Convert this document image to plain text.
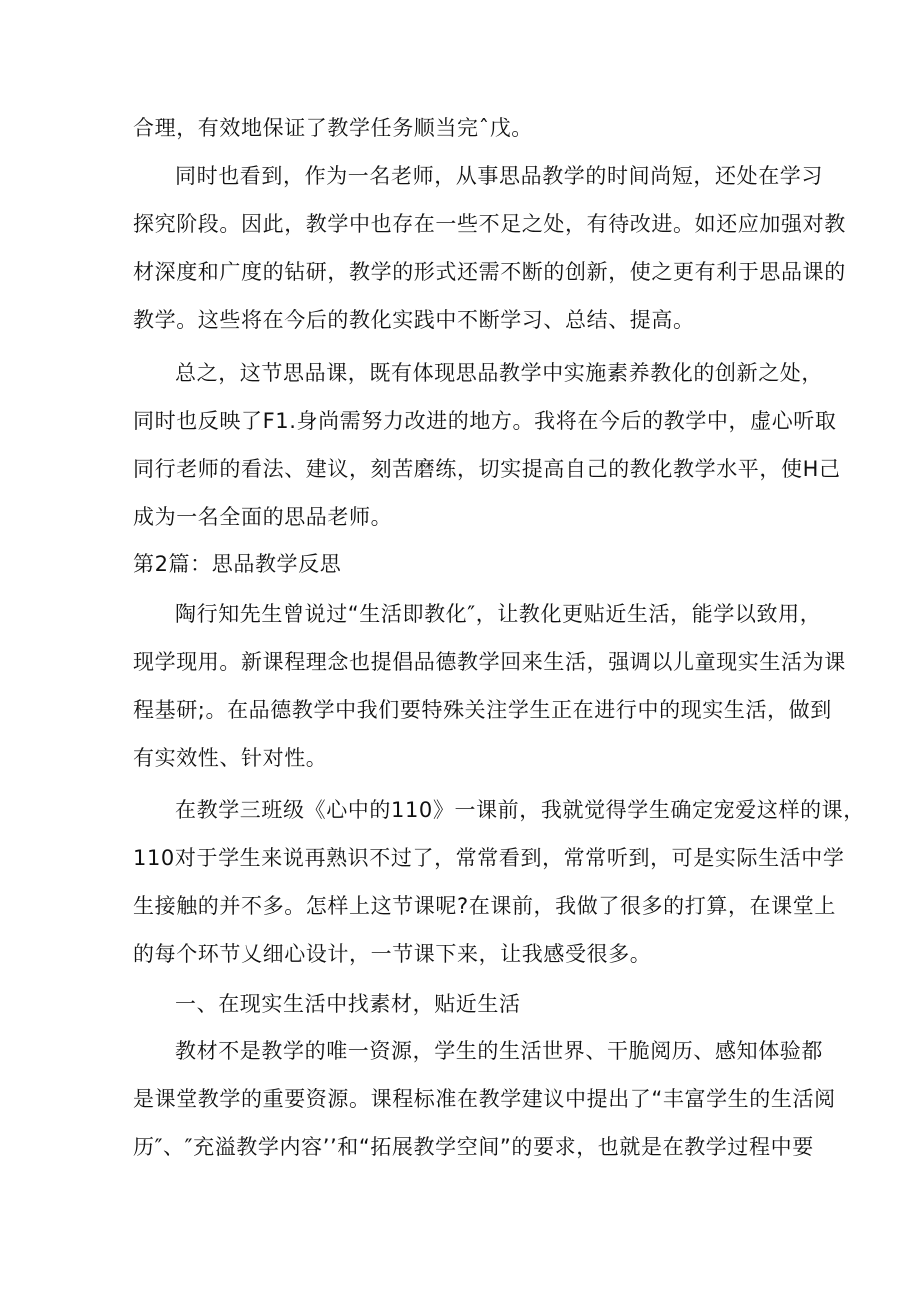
合理，有效地保证了教学任务顺当完ˆ戊。
同时也看到，作为一名老师，从事思品教学的时间尚短，还处在学习
探究阶段。因此，教学中也存在一些不足之处，有待改进。如还应加强对教
材深度和广度的钻研，教学的形式还需不断的创新，使之更有利于思品课的
教学。这些将在今后的教化实践中不断学习、总结、提高。
总之，这节思品课，既有体现思品教学中实施素养教化的创新之处，
同时也反映了F1.身尚需努力改进的地方。我将在今后的教学中，虚心听取
同行老师的看法、建议，刻苦磨练，切实提高自己的教化教学水平，使H己
成为一名全面的思品老师。
第2篇：思品教学反思
陶行知先生曾说过“生活即教化″，让教化更贴近生活，能学以致用，
现学现用。新课程理念也提倡品德教学回来生活，强调以儿童现实生活为课
程基研;。在品德教学中我们要特殊关注学生正在进行中的现实生活，做到
有实效性、针对性。
在教学三班级《心中的110》一课前，我就觉得学生确定宠爱这样的课，
110对于学生来说再熟识不过了，常常看到，常常听到，可是实际生活中学
生接触的并不多。怎样上这节课呢?在课前，我做了很多的打算，在课堂上
的每个环节乂细心设计，一节课下来，让我感受很多。
一、在现实生活中找素材，贴近生活
教材不是教学的唯一资源，学生的生活世界、干脆阅历、感知体验都
是课堂教学的重要资源。课程标准在教学建议中提出了“丰富学生的生活阅
历″、″充溢教学内容’’和“拓展教学空间”的要求，也就是在教学过程中要
